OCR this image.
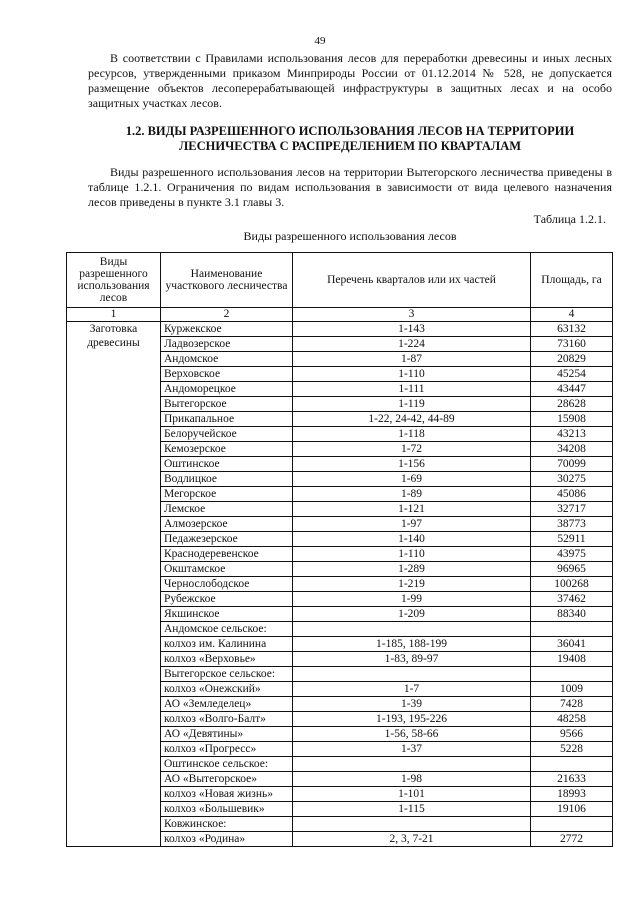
49
В соответствии с Правилами использования лесов для переработки древесины и иных лесных ресурсов, утвержденными приказом Минприроды России от 01.12.2014 № 528, не допускается размещение объектов лесоперерабатывающей инфраструктуры в защитных лесах и на особо защитных участках лесов.
1.2. ВИДЫ РАЗРЕШЕННОГО ИСПОЛЬЗОВАНИЯ ЛЕСОВ НА ТЕРРИТОРИИ ЛЕСНИЧЕСТВА С РАСПРЕДЕЛЕНИЕМ ПО КВАРТАЛАМ
Виды разрешенного использования лесов на территории Вытегорского лесничества приведены в таблице 1.2.1. Ограничения по видам использования в зависимости от вида целевого назначения лесов приведены в пункте 3.1 главы 3.
Таблица 1.2.1.
Виды разрешенного использования лесов
Виды разрешенного использования лесов	Наименование участкового лесничества	Перечень кварталов или их частей	Площадь, га
1	2	3	4
Заготовка древесины	Куржекское	1-143	63132
	Ладвозерское	1-224	73160
	Андомское	1-87	20829
	Верховское	1-110	45254
	Андоморецкое	1-111	43447
	Вытегорское	1-119	28628
	Прикапальное	1-22, 24-42, 44-89	15908
	Белоручейское	1-118	43213
	Кемозерское	1-72	34208
	Оштинское	1-156	70099
	Водлицкое	1-69	30275
	Мегорское	1-89	45086
	Лемское	1-121	32717
	Алмозерское	1-97	38773
	Педажезерское	1-140	52911
	Краснодеревенское	1-110	43975
	Окштамское	1-289	96965
	Чернослободское	1-219	100268
	Рубежское	1-99	37462
	Якшинское	1-209	88340
	Андомское сельское:		
	колхоз им. Калинина	1-185, 188-199	36041
	колхоз «Верховье»	1-83, 89-97	19408
	Вытегорское сельское:		
	колхоз «Онежский»	1-7	1009
	АО «Земледелец»	1-39	7428
	колхоз «Волго-Балт»	1-193, 195-226	48258
	АО «Девятины»	1-56, 58-66	9566
	колхоз «Прогресс»	1-37	5228
	Оштинское сельское:		
	АО «Вытегорское»	1-98	21633
	колхоз «Новая жизнь»	1-101	18993
	колхоз «Большевик»	1-115	19106
	Ковжинское:		
	колхоз «Родина»	2, 3, 7-21	2772
